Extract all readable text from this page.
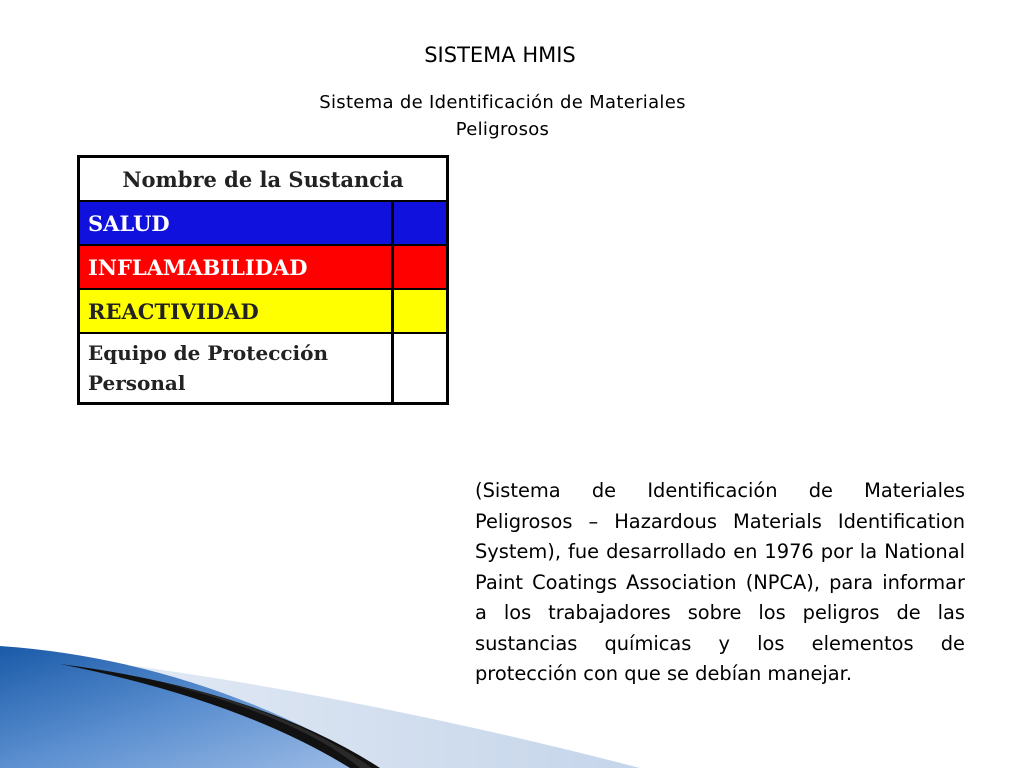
SISTEMA HMIS
Sistema de Identificación de Materiales Peligrosos
Nombre de la Sustancia	
SALUD	
INFLAMABILIDAD	
REACTIVIDAD	
Equipo de Protección Personal	
(Sistema de Identificación de Materiales Peligrosos – Hazardous Materials Identification System), fue desarrollado en 1976 por la National Paint Coatings Association (NPCA), para informar a los trabajadores sobre los peligros de las sustancias químicas y los elementos de protección con que se debían manejar.
